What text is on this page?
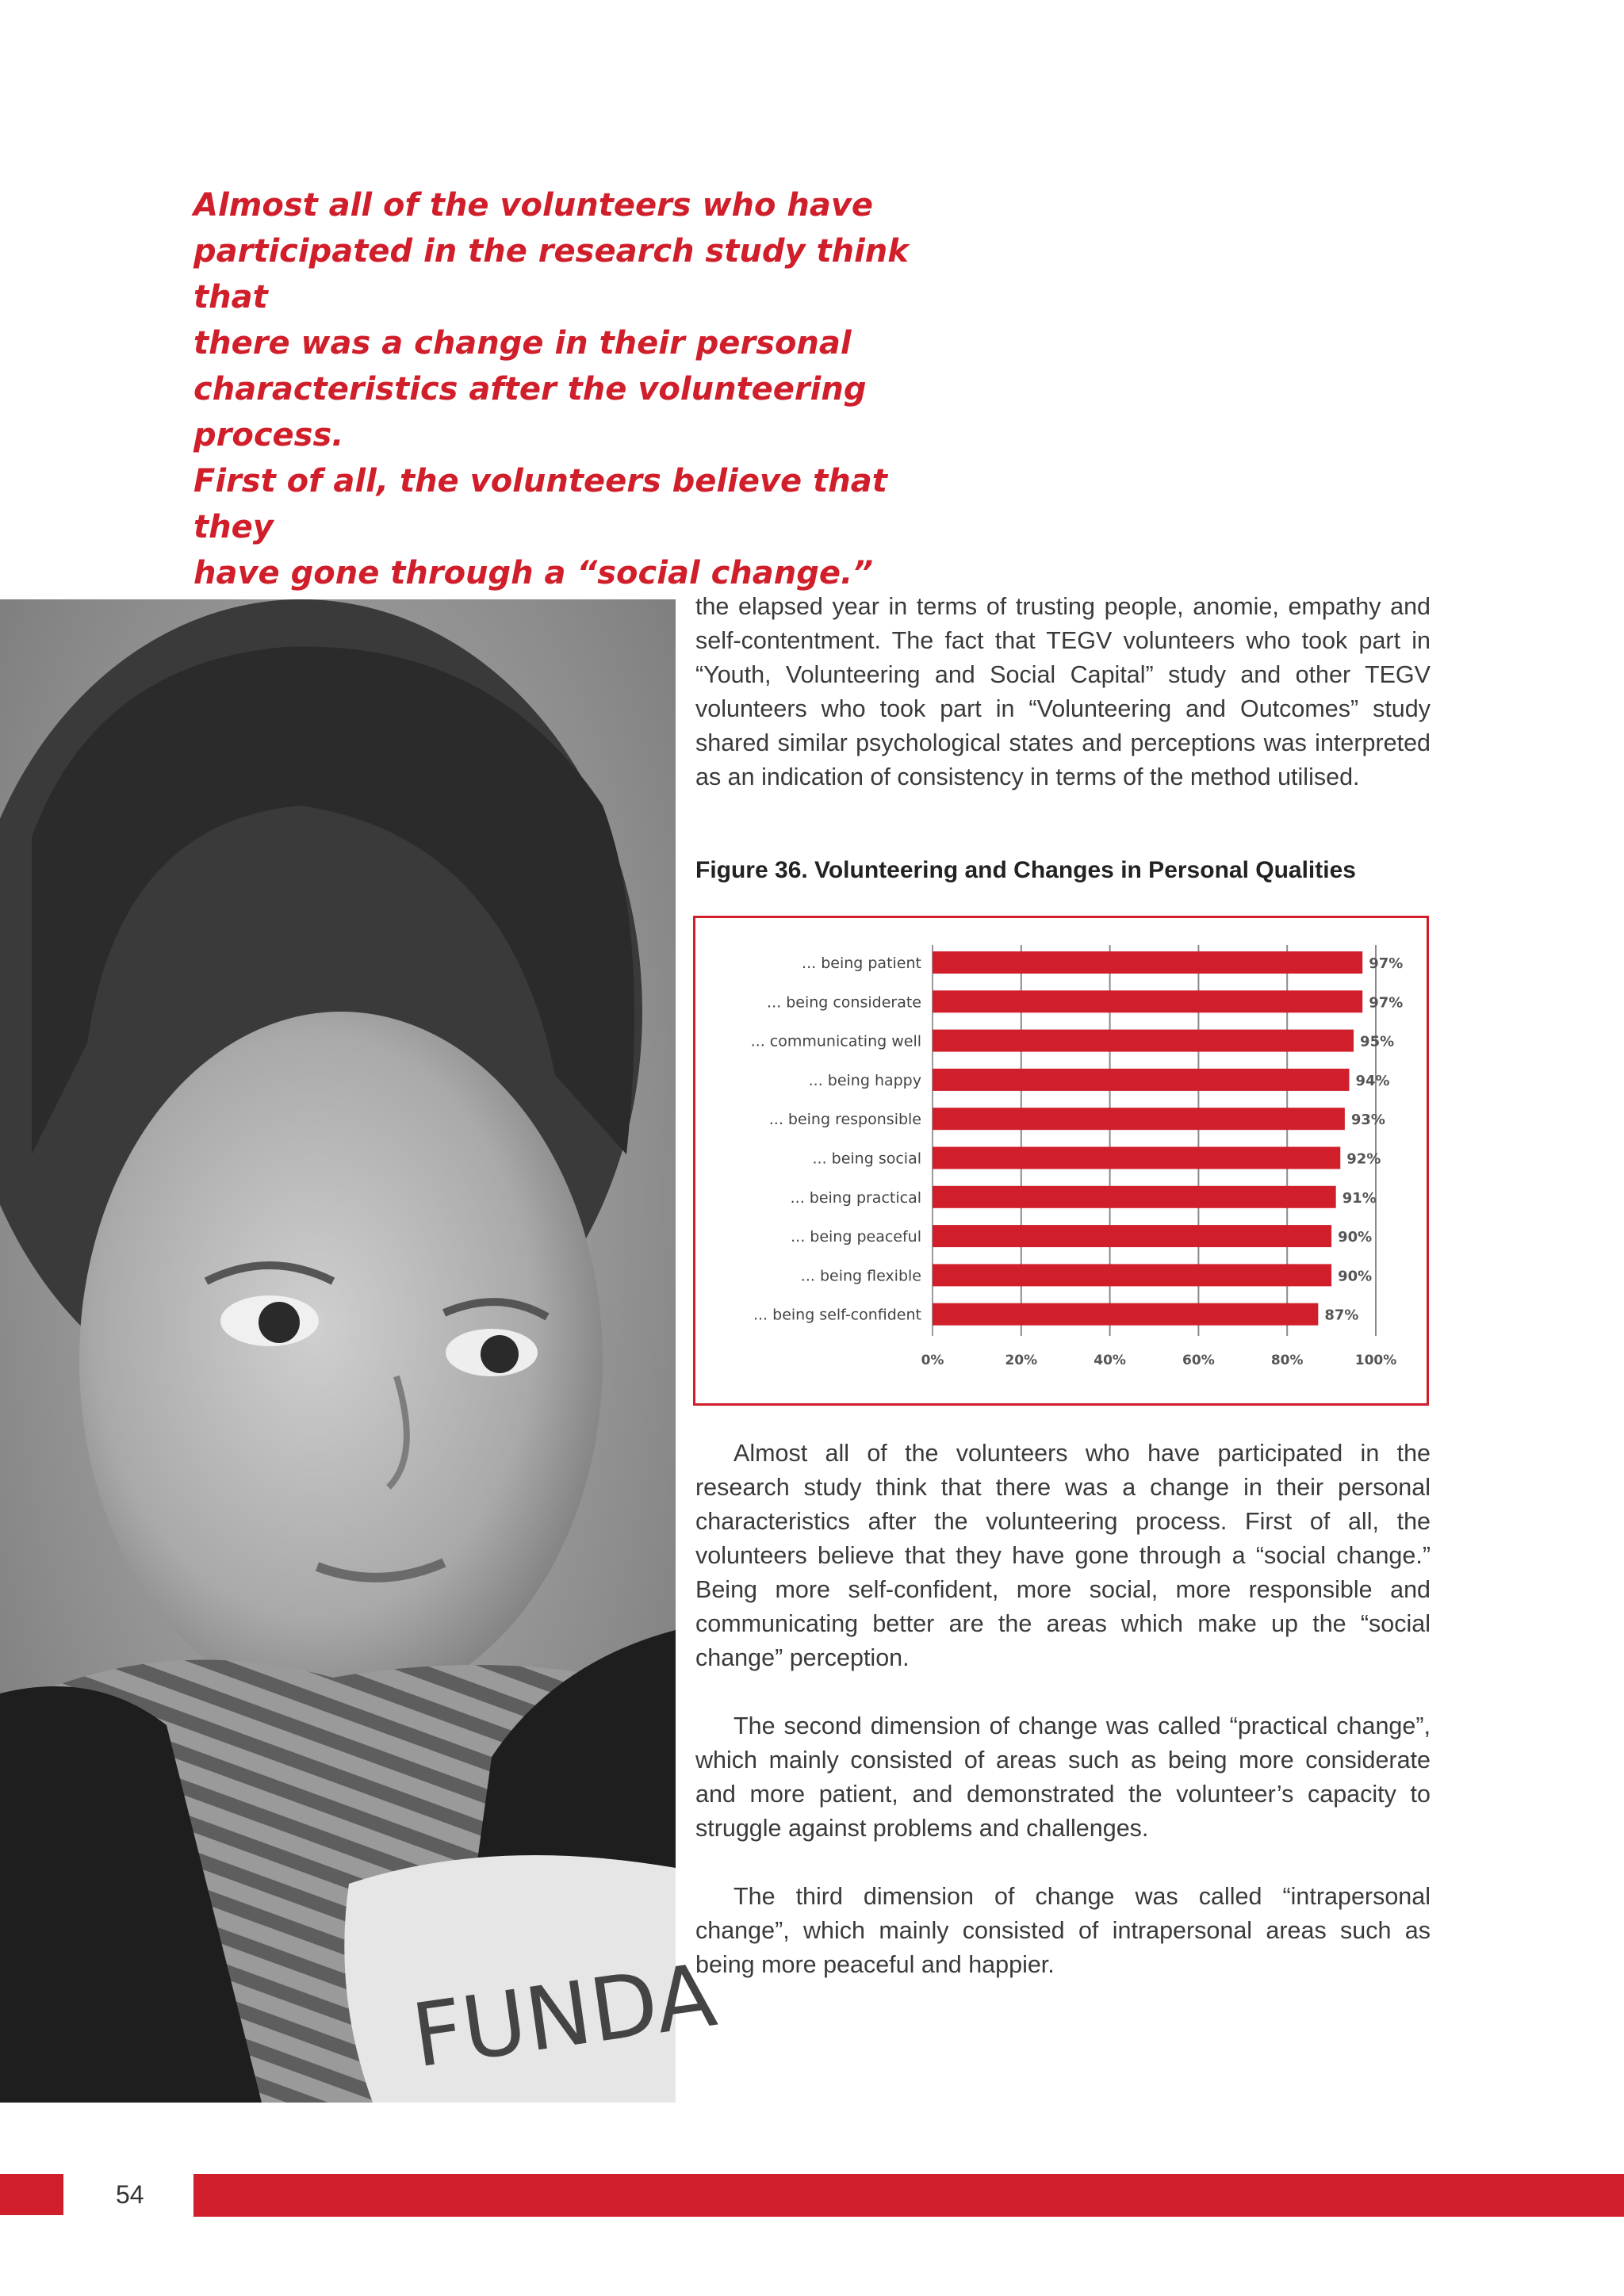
Almost all of the volunteers who have
participated in the research study think that
there was a change in their personal
characteristics after the volunteering process.
First of all, the volunteers believe that they
have gone through a “social change.”
FUNDA

the elapsed year in terms of trusting people, anomie, empathy and self-contentment. The fact that TEGV volunteers who took part in “Youth, Volunteering and Social Capital” study and other TEGV volunteers who took part in “Volunteering and Outcomes” study shared similar psychological states and perceptions was interpreted as an indication of consistency in terms of the method utilised.

Figure 36. Volunteering and Changes in Personal Qualities
... being patient	97%
... being considerate	97%
... communicating well	95%
... being happy	94%
... being responsible	93%
... being social	92%
... being practical	91%
... being peaceful	90%
... being flexible	90%
... being self-confident	87%
0%	20%	40%	60%	80%	100%

Almost all of the volunteers who have participated in the research study think that there was a change in their personal characteristics after the volunteering process. First of all, the volunteers believe that they have gone through a “social change.” Being more self-confident, more social, more responsible and communicating better are the areas which make up the “social change” perception.

The second dimension of change was called “practical change”, which mainly consisted of areas such as being more considerate and more patient, and demonstrated the volunteer’s capacity to struggle against problems and challenges.

The third dimension of change was called “intrapersonal change”, which mainly consisted of intrapersonal areas such as being more peaceful and happier.

54
